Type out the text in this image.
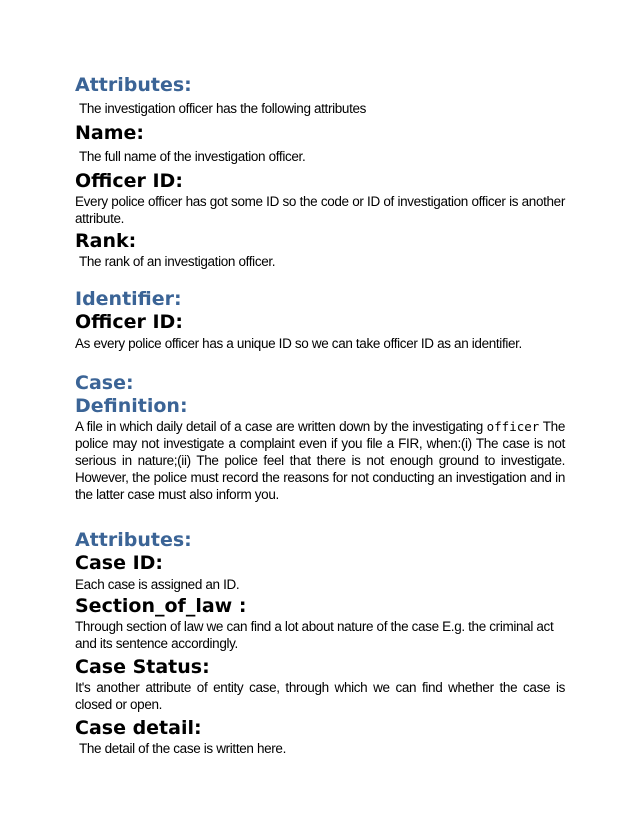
Attributes:

The investigation officer has the following attributes

Name:

The full name of the investigation officer.

Officer ID:

Every police officer has got some ID so the code or ID of investigation officer is another attribute.

Rank:

The rank of an investigation officer.

Identifier:
Officer ID:

As every police officer has a unique ID so we can take officer ID as an identifier.

Case:
Definition:

A file in which daily detail of a case are written down by the investigating officer The police may not investigate a complaint even if you file a FIR, when:(i) The case is not serious in nature;(ii) The police feel that there is not enough ground to investigate. However, the police must record the reasons for not conducting an investigation and in the latter case must also inform you.

Attributes:
Case ID:

Each case is assigned an ID.

Section_of_law :

Through section of law we can find a lot about nature of the case E.g. the criminal act and its sentence accordingly.

Case Status:

It's another attribute of entity case, through which we can find whether the case is closed or open.

Case detail:

The detail of the case is written here.
